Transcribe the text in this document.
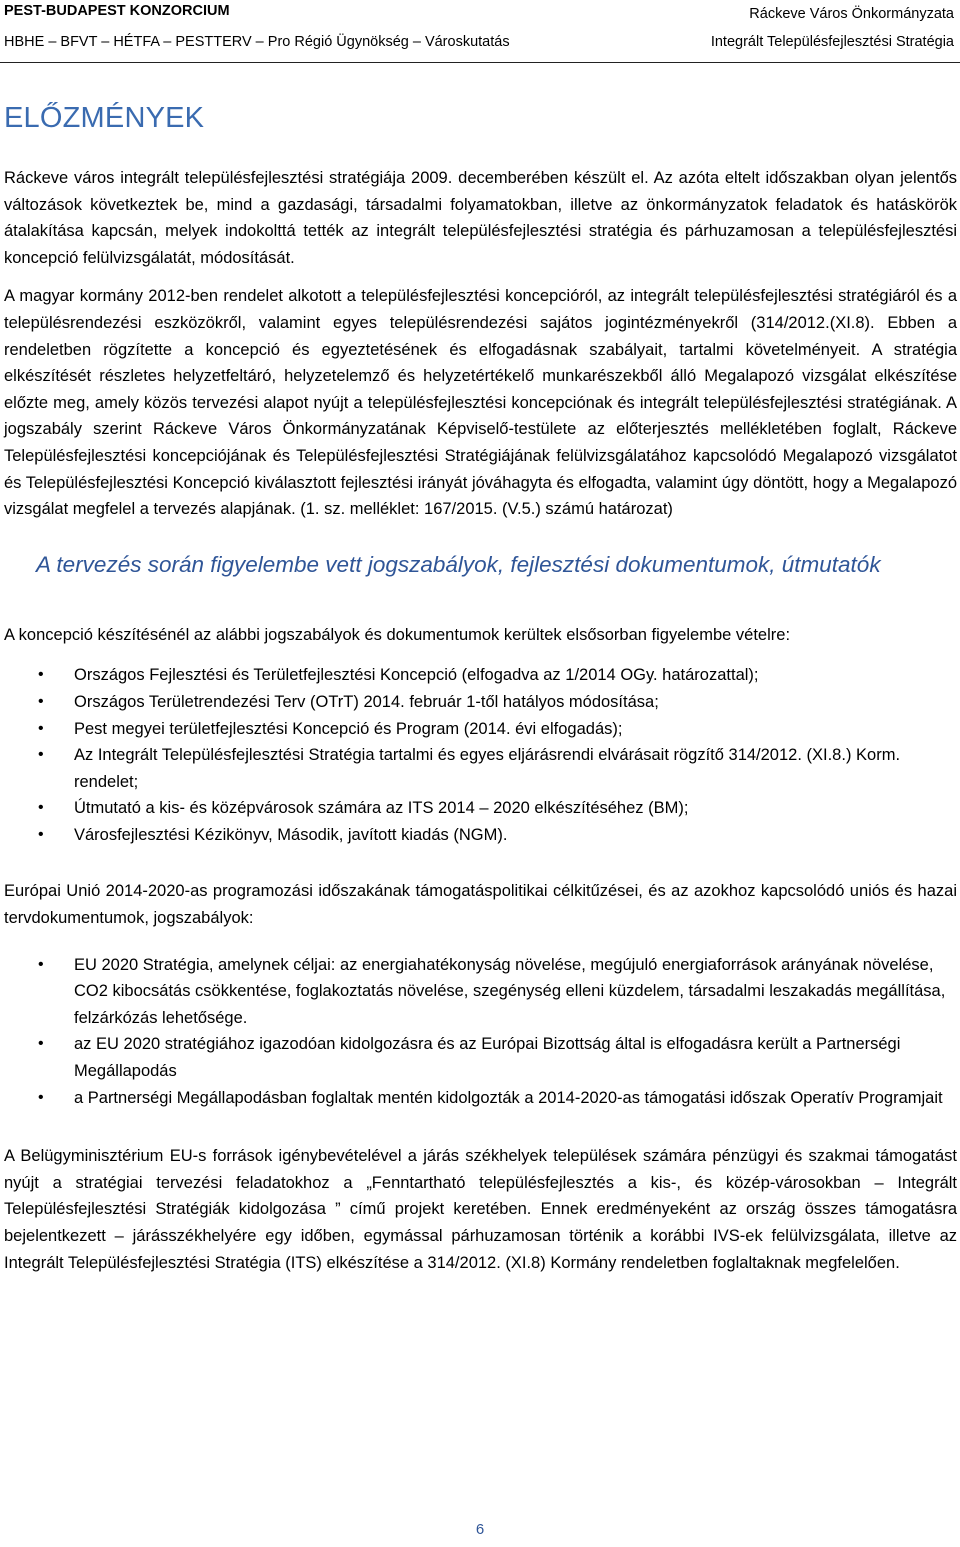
PEST-BUDAPEST KONZORCIUM
HBHE – BFVT – HÉTFA – PESTTERV – Pro Régió Ügynökség – Városkutatás
Ráckeve Város Önkormányzata
Integrált Településfejlesztési Stratégia
ELŐZMÉNYEK

Ráckeve város integrált településfejlesztési stratégiája 2009. decemberében készült el. Az azóta eltelt időszakban olyan jelentős változások következtek be, mind a gazdasági, társadalmi folyamatokban, illetve az önkormányzatok feladatok és hatáskörök átalakítása kapcsán, melyek indokolttá tették az integrált településfejlesztési stratégia és párhuzamosan a településfejlesztési koncepció felülvizsgálatát, módosítását.

A magyar kormány 2012-ben rendelet alkotott a településfejlesztési koncepcióról, az integrált településfejlesztési stratégiáról és a településrendezési eszközökről, valamint egyes településrendezési sajátos jogintézményekről (314/2012.(XI.8). Ebben a rendeletben rögzítette a koncepció és egyeztetésének és elfogadásnak szabályait, tartalmi követelményeit. A stratégia elkészítését részletes helyzetfeltáró, helyzetelemző és helyzetértékelő munkarészekből álló Megalapozó vizsgálat elkészítése előzte meg, amely közös tervezési alapot nyújt a településfejlesztési koncepciónak és integrált településfejlesztési stratégiának. A jogszabály szerint Ráckeve Város Önkormányzatának Képviselő-testülete az előterjesztés mellékletében foglalt, Ráckeve Településfejlesztési koncepciójának és Településfejlesztési Stratégiájának felülvizsgálatához kapcsolódó Megalapozó vizsgálatot és Településfejlesztési Koncepció kiválasztott fejlesztési irányát jóváhagyta és elfogadta, valamint úgy döntött, hogy a Megalapozó vizsgálat megfelel a tervezés alapjának. (1. sz. melléklet: 167/2015. (V.5.) számú határozat)

A tervezés során figyelembe vett jogszabályok, fejlesztési dokumentumok, útmutatók

A koncepció készítésénél az alábbi jogszabályok és dokumentumok kerültek elsősorban figyelembe vételre:

• Országos Fejlesztési és Területfejlesztési Koncepció (elfogadva az 1/2014 OGy. határozattal);
• Országos Területrendezési Terv (OTrT) 2014. február 1-től hatályos módosítása;
• Pest megyei területfejlesztési Koncepció és Program (2014. évi elfogadás);
• Az Integrált Településfejlesztési Stratégia tartalmi és egyes eljárásrendi elvárásait rögzítő 314/2012. (XI.8.) Korm. rendelet;
• Útmutató a kis- és középvárosok számára az ITS 2014 – 2020 elkészítéséhez (BM);
• Városfejlesztési Kézikönyv, Második, javított kiadás (NGM).

Európai Unió 2014-2020-as programozási időszakának támogatáspolitikai célkitűzései, és az azokhoz kapcsolódó uniós és hazai tervdokumentumok, jogszabályok:

• EU 2020 Stratégia, amelynek céljai: az energiahatékonyság növelése, megújuló energiaforrások arányának növelése, CO2 kibocsátás csökkentése, foglakoztatás növelése, szegénység elleni küzdelem, társadalmi leszakadás megállítása, felzárkózás lehetősége.
• az EU 2020 stratégiához igazodóan kidolgozásra és az Európai Bizottság által is elfogadásra került a Partnerségi Megállapodás
• a Partnerségi Megállapodásban foglaltak mentén kidolgozták a 2014-2020-as támogatási időszak Operatív Programjait

A Belügyminisztérium EU-s források igénybevételével a járás székhelyek települések számára pénzügyi és szakmai támogatást nyújt a stratégiai tervezési feladatokhoz a „Fenntartható településfejlesztés a kis-, és közép-városokban – Integrált Településfejlesztési Stratégiák kidolgozása ” című projekt keretében. Ennek eredményeként az ország összes támogatásra bejelentkezett – járásszékhelyére egy időben, egymással párhuzamosan történik a korábbi IVS-ek felülvizsgálata, illetve az Integrált Településfejlesztési Stratégia (ITS) elkészítése a 314/2012. (XI.8) Kormány rendeletben foglaltaknak megfelelően.

6
